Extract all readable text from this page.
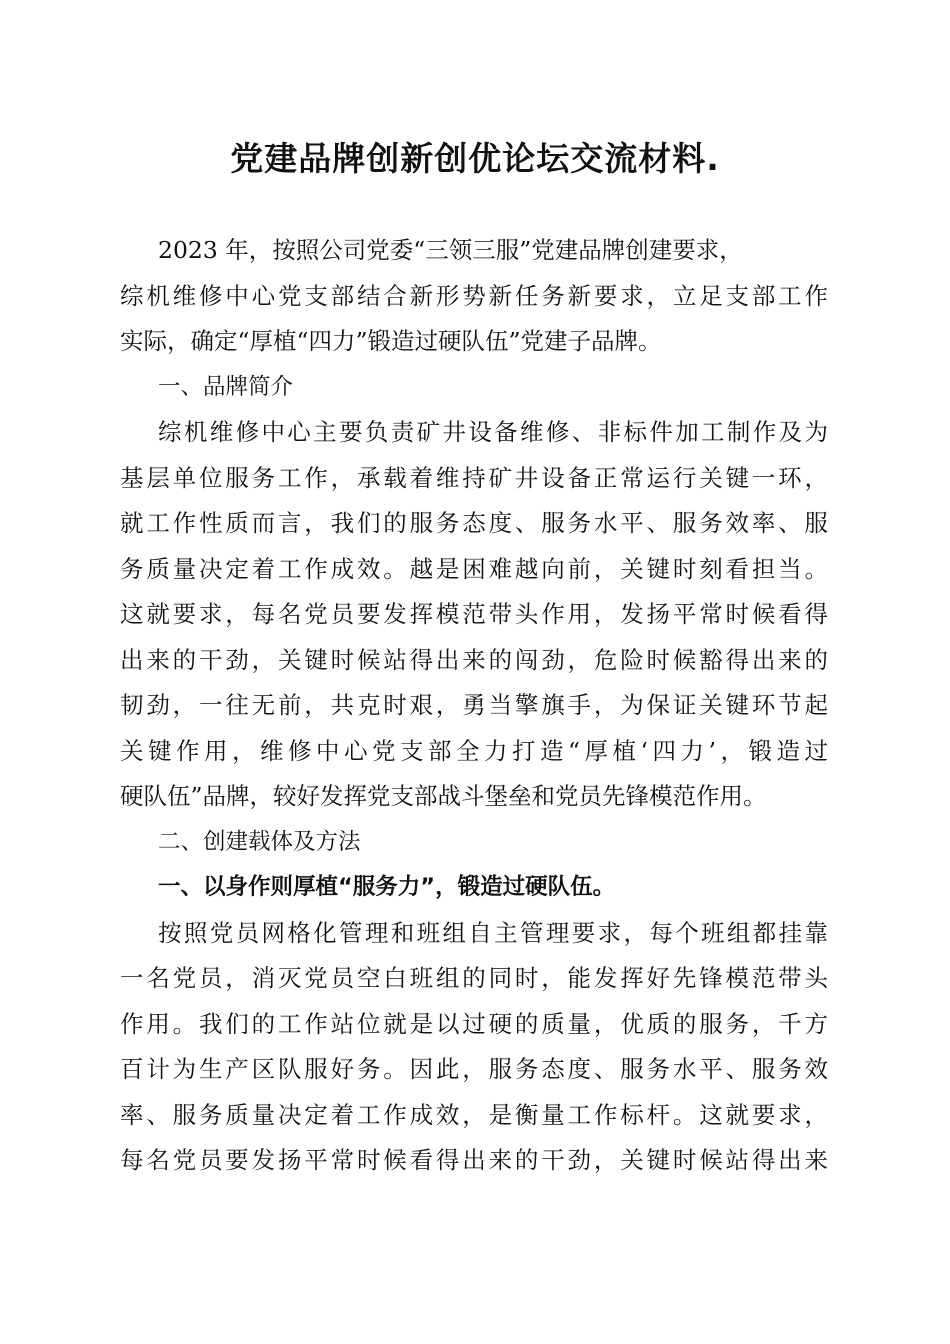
党建品牌创新创优论坛交流材料.
2023 年，按照公司党委“三领三服”党建品牌创建要求，
综机维修中心党支部结合新形势新任务新要求，立足支部工作
实际，确定“厚植“四力”锻造过硬队伍”党建子品牌。
一、品牌简介
综机维修中心主要负责矿井设备维修、非标件加工制作及为
基层单位服务工作，承载着维持矿井设备正常运行关键一环，
就工作性质而言，我们的服务态度、服务水平、服务效率、服
务质量决定着工作成效。越是困难越向前，关键时刻看担当。
这就要求，每名党员要发挥模范带头作用，发扬平常时候看得
出来的干劲，关键时候站得出来的闯劲，危险时候豁得出来的
韧劲，一往无前，共克时艰，勇当擎旗手，为保证关键环节起
关键作用，维修中心党支部全力打造“厚植‘四力’，锻造过
硬队伍”品牌，较好发挥党支部战斗堡垒和党员先锋模范作用。
二、创建载体及方法
一、以身作则厚植“服务力”，锻造过硬队伍。
按照党员网格化管理和班组自主管理要求，每个班组都挂靠
一名党员，消灭党员空白班组的同时，能发挥好先锋模范带头
作用。我们的工作站位就是以过硬的质量，优质的服务，千方
百计为生产区队服好务。因此，服务态度、服务水平、服务效
率、服务质量决定着工作成效，是衡量工作标杆。这就要求，
每名党员要发扬平常时候看得出来的干劲，关键时候站得出来
